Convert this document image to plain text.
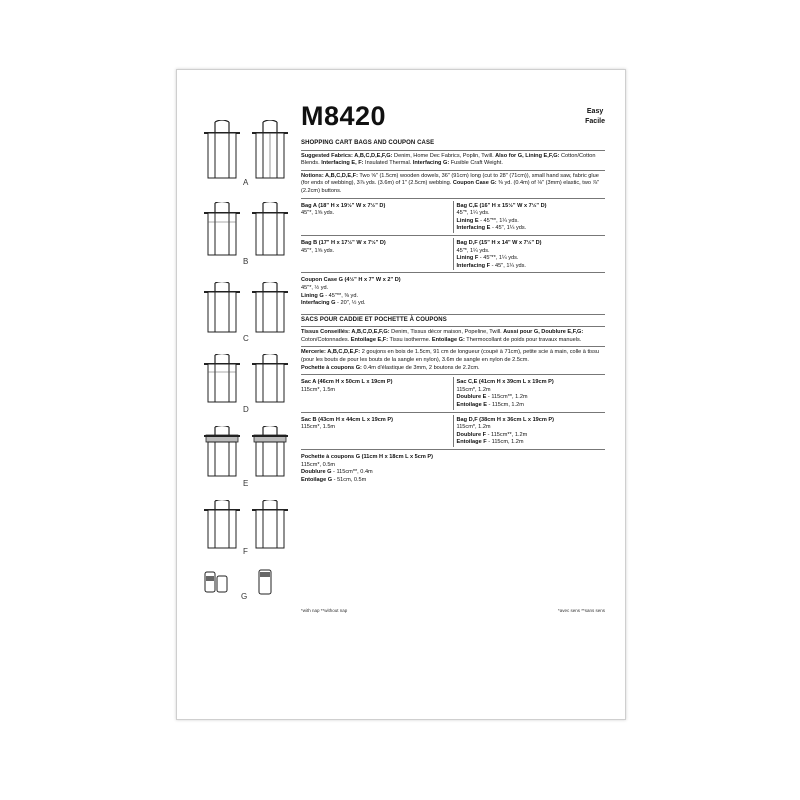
M8420	Easy
Facile
A
B
C
D
E
F
G
SHOPPING CART BAGS AND COUPON CASE

Suggested Fabrics: A,B,C,D,E,F,G: Denim, Home Dec Fabrics, Poplin, Twill. Also for G, Lining E,F,G: Cotton/Cotton Blends. Interfacing E, F: Insulated Thermal. Interfacing G: Fusible Craft Weight.

Notions: A,B,C,D,E,F: Two ⅝" (1.5cm) wooden dowels, 36" (91cm) long (cut to 28" (71cm)), small hand saw, fabric glue (for ends of webbing), 3⅞ yds. (3.6m) of 1" (2.5cm) webbing. Coupon Case G: ⅜ yd. (0.4m) of ⅛" (3mm) elastic, two ⅞" (2.2cm) buttons.

Bag A (18" H x 19½" W x 7½" D)
45"*, 1⅝ yds.
Bag C,E (16" H x 15½" W x 7½" D)
45"*, 1¼ yds.
Lining E - 45"**, 1¼ yds.
Interfacing E - 45", 1¼ yds.
Bag B (17" H x 17½" W x 7½" D)
45"*, 1⅝ yds.
Bag D,F (15" H x 14" W x 7½" D)
45"*, 1¼ yds.
Lining F - 45"**, 1¼ yds.
Interfacing F - 45", 1¼ yds.
Coupon Case G (4½" H x 7" W x 2" D)
45"*, ½ yd.
Lining G - 45"**, ⅜ yd.
Interfacing G - 20", ½ yd.
SACS POUR CADDIE ET POCHETTE À COUPONS

Tissus Conseillés: A,B,C,D,E,F,G: Denim, Tissus décor maison, Popeline, Twill. Aussi pour G, Doublure E,F,G: Coton/Cotonnades. Entoilage E,F: Tissu isotherme. Entoilage G: Thermocollant de poids pour travaux manuels.

Mercerie: A,B,C,D,E,F: 2 goujons en bois de 1.5cm, 91 cm de longueur (coupé à 71cm), petite scie à main, colle à tissu (pour les bouts de pour les bouts de la sangle en nylon), 3.6m de sangle en nylon de 2.5cm.
Pochette à coupons G: 0.4m d'élastique de 3mm, 2 boutons de 2.2cm.

Sac A (46cm H x 50cm L x 19cm P)
115cm*, 1.5m
Sac C,E (41cm H x 39cm L x 19cm P)
115cm*, 1.2m
Doublure E - 115cm**, 1.2m
Entoilage E - 115cm, 1.2m
Sac B (43cm H x 44cm L x 19cm P)
115cm*, 1.5m
Bag D,F (38cm H x 36cm L x 19cm P)
115cm*, 1.2m
Doublure F - 115cm**, 1.2m
Entoilage F - 115cm, 1.2m
Pochette à coupons G (11cm H x 18cm L x 5cm P)
115cm*, 0.5m
Doublure G - 115cm**, 0.4m
Entoilage G - 51cm, 0.5m
*with nap **without nap	*avec sens **sans sens
